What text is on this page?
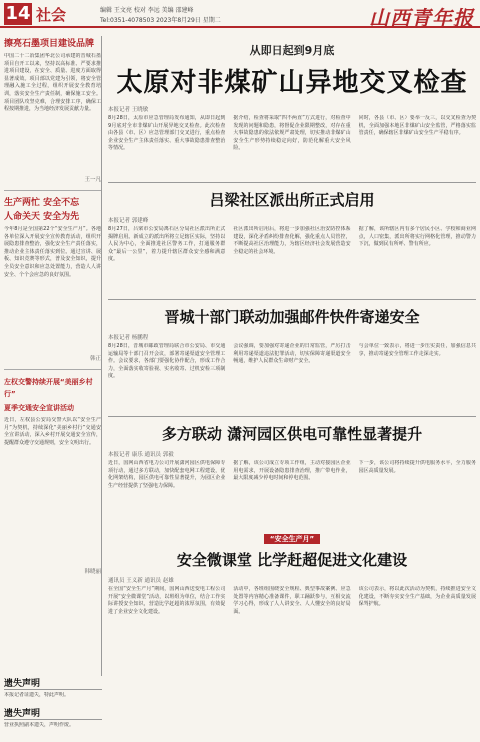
14 社会	编辑 王文亮 校对 李远 美编 邵建峰
Tel:0351-4078503 2023年8月29日 星期二	山西青年报
擦亮石墨项目建设品牌
中国二十二冶集团华北公司承建的晋城石墨项目自开工以来，坚持以高标准、严要求推进项目建设，在安全、质量、进度方面取得显著成效。项目部以党建为引领，将安全管理融入施工全过程，组织开展安全教育培训，落实安全生产责任制，确保施工安全。项目团队攻坚克难，合理安排工序，确保工程按期推进，为当地经济发展贡献力量。
王一凡
生产两忙 安全不忘
人命关天 安全为先
今年8月是全国第22个“安全生产月”。各地各单位深入开展安全宣传教育活动，组织开展隐患排查整治，强化安全生产责任落实，推动企业主体责任落实到位。通过宣讲、展板、知识竞赛等形式，普及安全知识，提升全员安全意识和应急处置能力，营造人人讲安全、个个会应急的良好氛围。
韩正
左权交警持续开展“美丽乡村行”
夏季交通安全宣讲活动
近日，左权县公安局交警大队以“安全生产月”为契机，持续深化“美丽乡村行”交通安全宣讲活动，深入乡村开展交通安全宣传，提醒群众遵守交通规则，安全文明出行。
韩晓丽
遗失声明
本报记者证遗失，特此声明。
遗失声明
营业执照副本遗失，声明作废。
从即日起到9月底
太原对非煤矿山异地交叉检查
本报记者 王晓敏
8月28日，太原市应急管理局发布通知，从即日起到9月底对全市非煤矿山开展异地交叉检查。此次检查由各县（市、区）应急管理部门交叉进行，重点检查企业安全生产主体责任落实、重大事故隐患排查整治等情况。
据介绍，检查将采取“四不两直”方式进行，对检查中发现的问题和隐患，将督促企业限期整改，对存在重大事故隐患的依法依规严肃处理，切实推动非煤矿山安全生产形势持续稳定向好，防范化解重大安全风险。
同时，各县（市、区）要举一反三，以交叉检查为契机，全面加强本地区非煤矿山安全监管，严格落实监管责任，确保辖区非煤矿山安全生产平稳有序。
吕梁社区派出所正式启用
本报记者 郭建峰
8月27日，吕梁市公安局离石区分局社区派出所正式揭牌启用。新成立的派出所将立足辖区实际，坚持以人民为中心，全面推进社区警务工作，打通服务群众“最后一公里”，着力提升辖区群众安全感和满意度。
社区派出所启用后，将进一步加强社区治安防控体系建设，深化矛盾纠纷排查化解，强化重点人员管控，不断提高社区治理能力，为辖区经济社会发展营造安全稳定的社会环境。
据了解，该所辖区内有多个居民小区、学校和商业网点，人口密集，派出所将实行网格化管理，推动警力下沉，做到民有所呼、警有所应。
晋城十部门联动加强邮件快件寄递安全
本报记者 杨鹏程
8月28日，晋城市邮政管理局联合市公安局、市交通运输局等十部门召开会议，部署寄递渠道安全管理工作。会议要求，各部门要强化协作配合，形成工作合力，全面落实收寄验视、实名收寄、过机安检三项制度。
会议强调，要加强对寄递企业的日常监管，严厉打击利用寄递渠道违法犯罪活动，切实保障寄递渠道安全畅通，维护人民群众生命财产安全。
与会单位一致表示，将进一步压实责任，加强信息共享，推动寄递安全管理工作走深走实。
多方联动 潇河园区供电可靠性显著提升
本报记者 康乐 通讯员 郭毅
近日，国网山西省电力公司开展潇河园区供电保障专项行动，通过多方联动，加快配套电网工程建设，优化网架结构，园区供电可靠性显著提升，为园区企业生产经营提供了坚强电力保障。
据了解，该公司成立专项工作组，主动对接园区企业用电需求，开展设备隐患排查治理，推广带电作业，最大限度减少停电时间和停电范围。
下一步，该公司将持续提升供电服务水平，全力服务园区高质量发展。
“安全生产月”
安全微课堂 比学赶超促进文化建设
通讯员 王义新 通讯员 赵雄
在全国“安全生产月”期间，国网山西送变电工程公司开展“安全微课堂”活动，以班组为单位，结合工作实际讲授安全知识，营造比学赶超的浓厚氛围，有效促进了企业安全文化建设。
活动中，各班组围绕安全规程、典型事故案例、应急处置等内容精心准备课件，职工踊跃参与，互相交流学习心得，形成了人人讲安全、人人懂安全的良好局面。
该公司表示，将以此次活动为契机，持续推进安全文化建设，不断夯实安全生产基础，为企业高质量发展保驾护航。
